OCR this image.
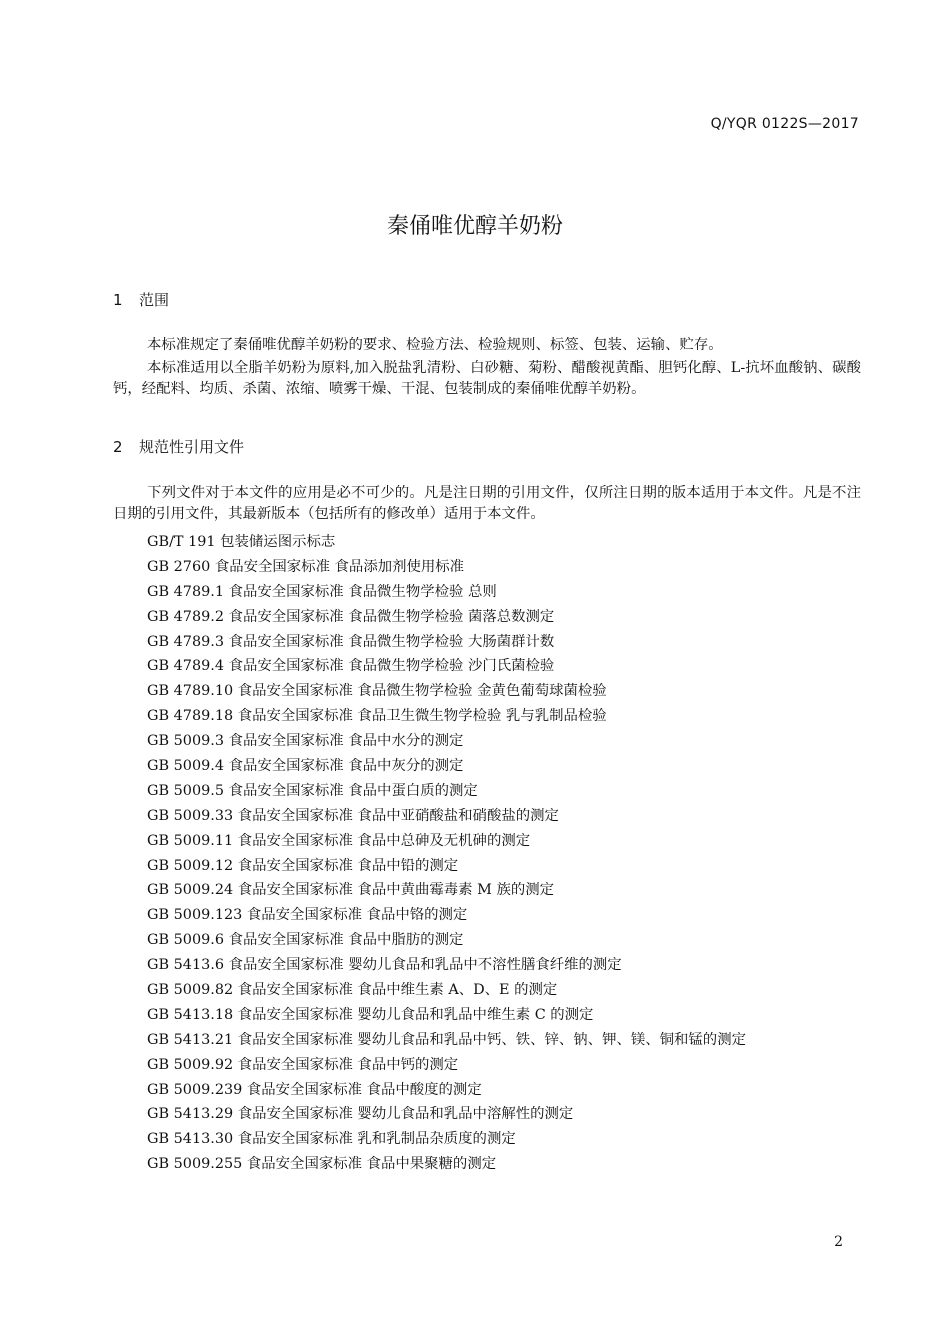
Q/YQR 0122S—2017
秦俑唯优醇羊奶粉
1 范围

本标准规定了秦俑唯优醇羊奶粉的要求、检验方法、检验规则、标签、包装、运输、贮存。

本标准适用以全脂羊奶粉为原料,加入脱盐乳清粉、白砂糖、菊粉、醋酸视黄酯、胆钙化醇、L-抗坏血酸钠、碳酸钙，经配料、均质、杀菌、浓缩、喷雾干燥、干混、包装制成的秦俑唯优醇羊奶粉。

2 规范性引用文件

下列文件对于本文件的应用是必不可少的。凡是注日期的引用文件，仅所注日期的版本适用于本文件。凡是不注日期的引用文件，其最新版本（包括所有的修改单）适用于本文件。

GB/T 191 包装储运图示标志
GB 2760 食品安全国家标准 食品添加剂使用标准
GB 4789.1 食品安全国家标准 食品微生物学检验 总则
GB 4789.2 食品安全国家标准 食品微生物学检验 菌落总数测定
GB 4789.3 食品安全国家标准 食品微生物学检验 大肠菌群计数
GB 4789.4 食品安全国家标准 食品微生物学检验 沙门氏菌检验
GB 4789.10 食品安全国家标准 食品微生物学检验 金黄色葡萄球菌检验
GB 4789.18 食品安全国家标准 食品卫生微生物学检验 乳与乳制品检验
GB 5009.3 食品安全国家标准 食品中水分的测定
GB 5009.4 食品安全国家标准 食品中灰分的测定
GB 5009.5 食品安全国家标准 食品中蛋白质的测定
GB 5009.33 食品安全国家标准 食品中亚硝酸盐和硝酸盐的测定
GB 5009.11 食品安全国家标准 食品中总砷及无机砷的测定
GB 5009.12 食品安全国家标准 食品中铅的测定
GB 5009.24 食品安全国家标准 食品中黄曲霉毒素 M 族的测定
GB 5009.123 食品安全国家标准 食品中铬的测定
GB 5009.6 食品安全国家标准 食品中脂肪的测定
GB 5413.6 食品安全国家标准 婴幼儿食品和乳品中不溶性膳食纤维的测定
GB 5009.82 食品安全国家标准 食品中维生素 A、D、E 的测定
GB 5413.18 食品安全国家标准 婴幼儿食品和乳品中维生素 C 的测定
GB 5413.21 食品安全国家标准 婴幼儿食品和乳品中钙、铁、锌、钠、钾、镁、铜和锰的测定
GB 5009.92 食品安全国家标准 食品中钙的测定
GB 5009.239 食品安全国家标准 食品中酸度的测定
GB 5413.29 食品安全国家标准 婴幼儿食品和乳品中溶解性的测定
GB 5413.30 食品安全国家标准 乳和乳制品杂质度的测定
GB 5009.255 食品安全国家标准 食品中果聚糖的测定
2
